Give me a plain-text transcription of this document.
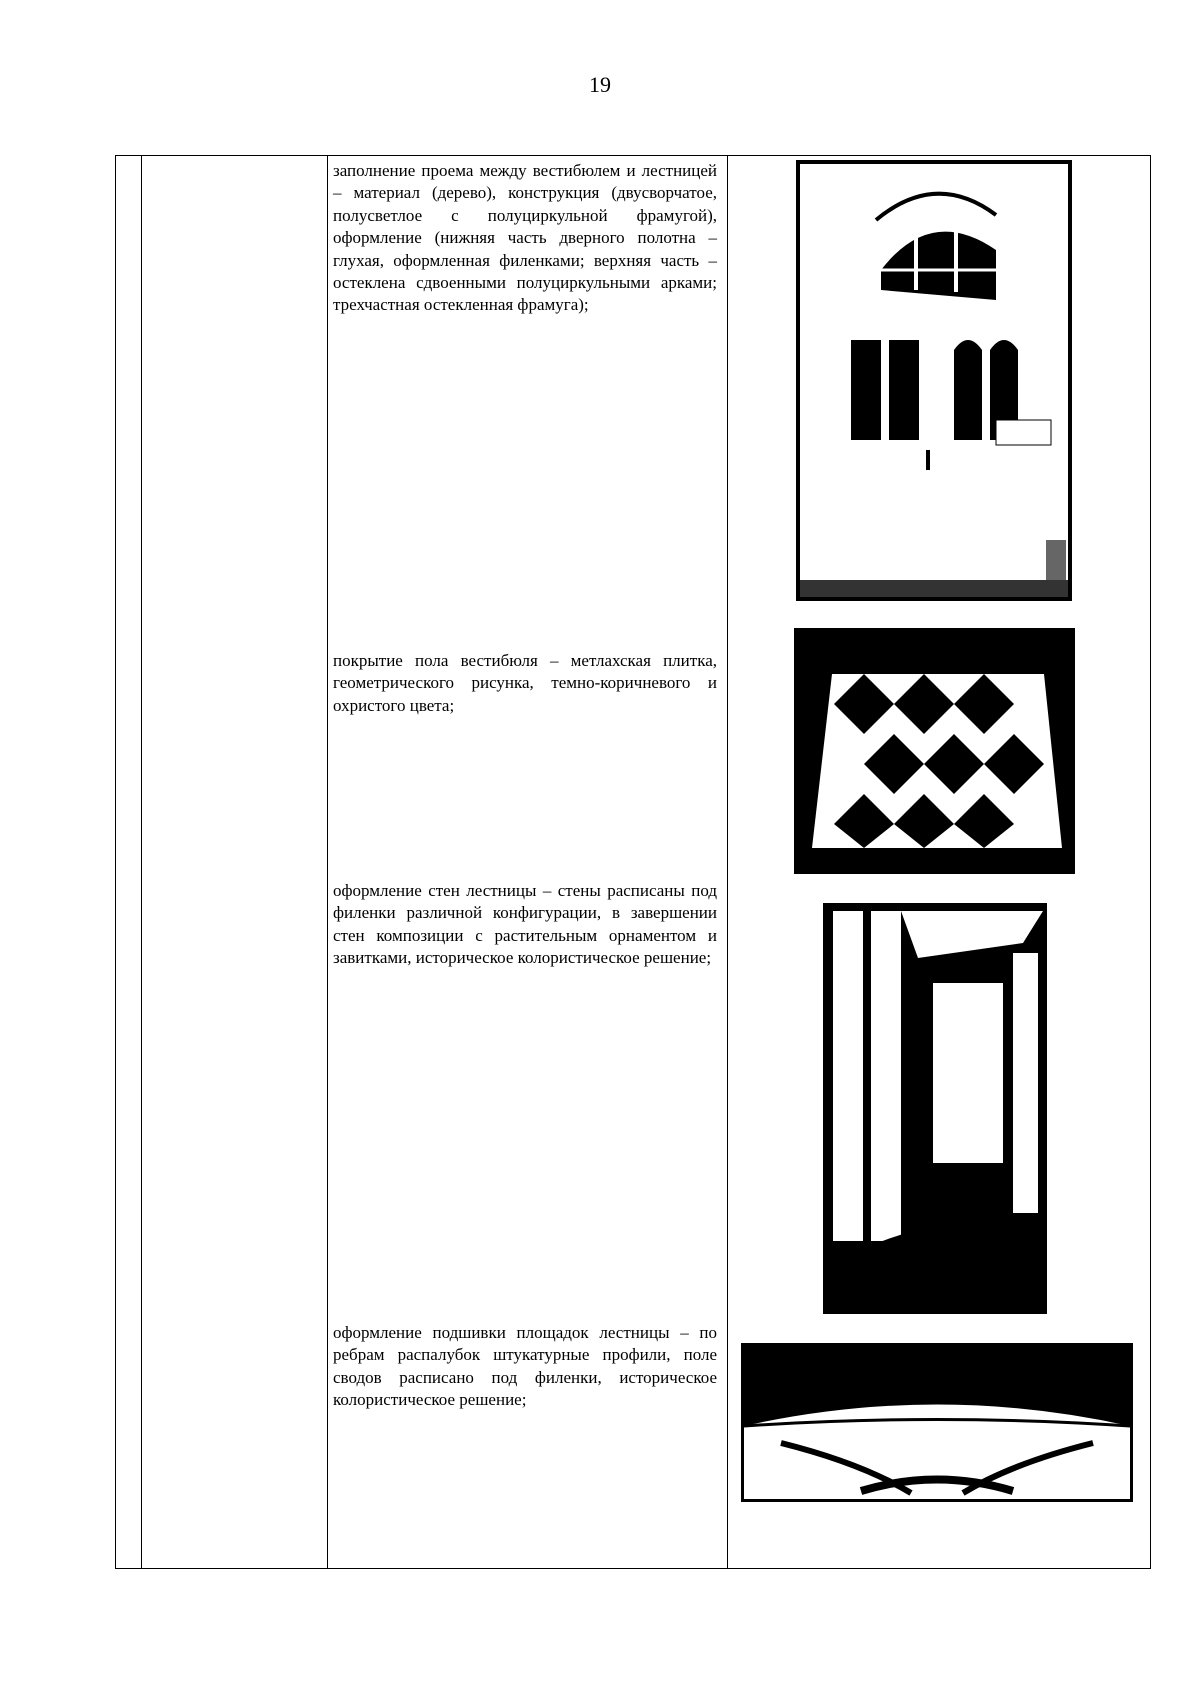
19

заполнение проема между вестибюлем и лестницей – материал (дерево), конструкция (двусворчатое, полусветлое с полуциркульной фрамугой), оформление (нижняя часть дверного полотна – глухая, оформленная филенками; верхняя часть – остеклена сдвоенными полуциркульными арками; трехчастная остекленная фрамуга);

покрытие пола вестибюля – метлахская плитка, геометрического рисунка, темно-коричневого и охристого цвета;

оформление стен лестницы – стены расписаны под филенки различной конфигурации, в завершении стен композиции с растительным орнаментом и завитками, историческое колористическое решение;

оформление подшивки площадок лестницы – по ребрам распалубок штукатурные профили, поле сводов расписано под филенки, историческое колористическое решение;
